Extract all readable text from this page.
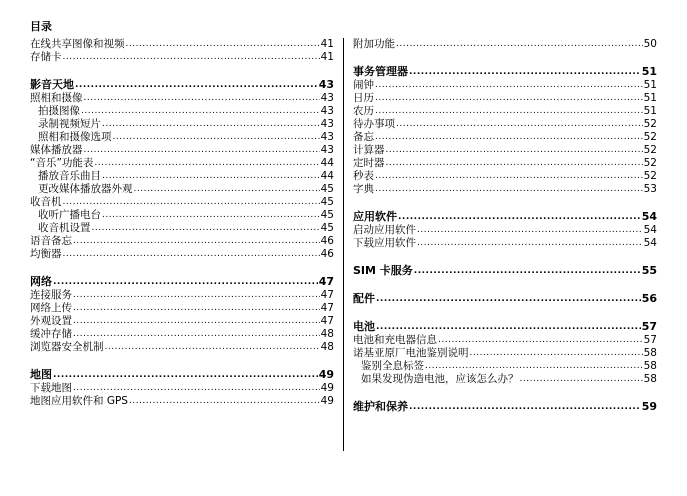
目录
在线共享图像和视频 .....	41
存储卡 .....	41
影音天地 .....	43
照相和摄像 .....	43
拍摄图像 .....	43
录制视频短片 .....	43
照相和摄像选项 .....	43
媒体播放器 .....	43
“音乐”功能表 .....	44
播放音乐曲目 .....	44
更改媒体播放器外观 .....	45
收音机 .....	45
收听广播电台 .....	45
收音机设置 .....	45
语音备忘 .....	46
均衡器 .....	46
网络 .....	47
连接服务 .....	47
网络上传 .....	47
外观设置 .....	47
缓冲存储 .....	48
浏览器安全机制 .....	48
地图 .....	49
下载地图 .....	49
地图应用软件和 GPS .....	49
附加功能 .....	50
事务管理器 .....	51
闹钟 .....	51
日历 .....	51
农历 .....	51
待办事项 .....	52
备忘 .....	52
计算器 .....	52
定时器 .....	52
秒表 .....	52
字典 .....	53
应用软件 .....	54
启动应用软件 .....	54
下载应用软件 .....	54
SIM 卡服务 .....	55
配件 .....	56
电池 .....	57
电池和充电器信息 .....	57
诺基亚原厂电池鉴别说明 .....	58
鉴别全息标签 .....	58
如果发现伪造电池，应该怎么办？ .....	58
维护和保养 .....	59
